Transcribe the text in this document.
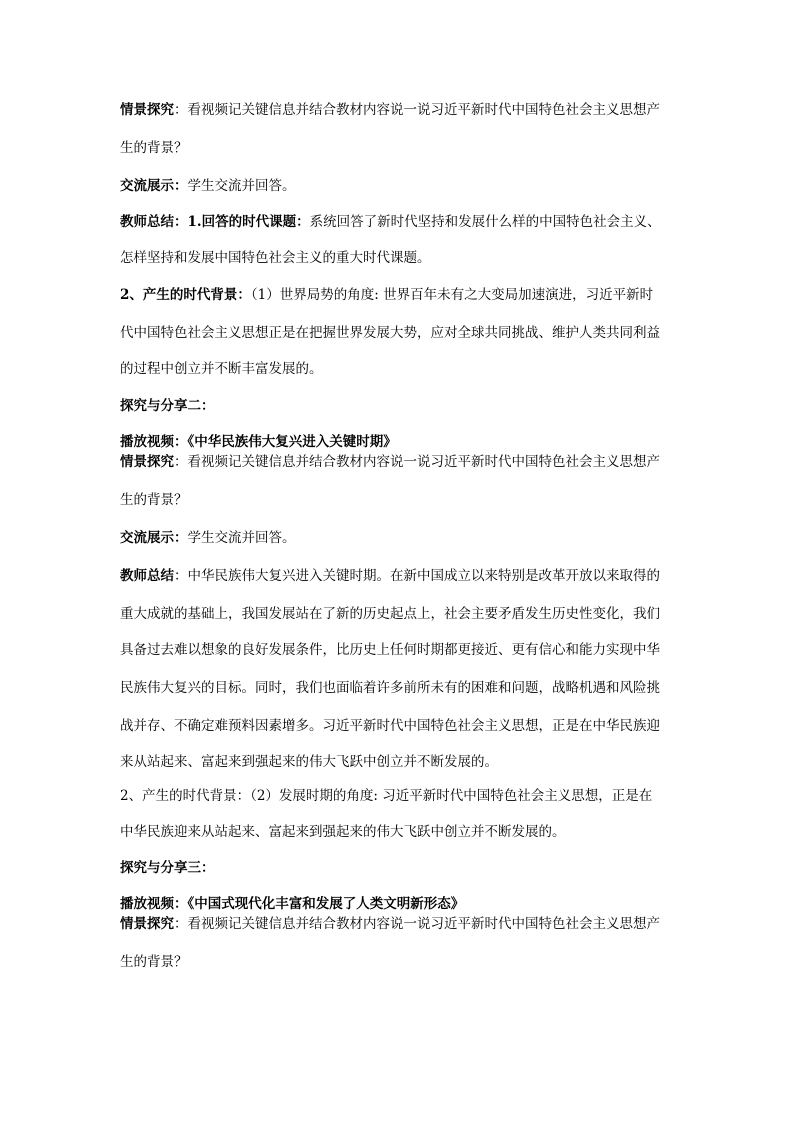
情景探究：看视频记关键信息并结合教材内容说一说习近平新时代中国特色社会主义思想产
生的背景？
交流展示：学生交流并回答。
教师总结：1.回答的时代课题：系统回答了新时代坚持和发展什么样的中国特色社会主义、
怎样坚持和发展中国特色社会主义的重大时代课题。
2、产生的时代背景：（1）世界局势的角度: 世界百年未有之大变局加速演进，习近平新时
代中国特色社会主义思想正是在把握世界发展大势，应对全球共同挑战、维护人类共同利益
的过程中创立并不断丰富发展的。
探究与分享二：
播放视频：《中华民族伟大复兴进入关键时期》
情景探究：看视频记关键信息并结合教材内容说一说习近平新时代中国特色社会主义思想产
生的背景？
交流展示：学生交流并回答。
教师总结：中华民族伟大复兴进入关键时期。在新中国成立以来特别是改革开放以来取得的
重大成就的基础上，我国发展站在了新的历史起点上，社会主要矛盾发生历史性变化，我们
具备过去难以想象的良好发展条件，比历史上任何时期都更接近、更有信心和能力实现中华
民族伟大复兴的目标。同时，我们也面临着许多前所未有的困难和问题，战略机遇和风险挑
战并存、不确定难预料因素增多。习近平新时代中国特色社会主义思想，正是在中华民族迎
来从站起来、富起来到强起来的伟大飞跃中创立并不断发展的。
2、产生的时代背景：（2）发展时期的角度: 习近平新时代中国特色社会主义思想，正是在
中华民族迎来从站起来、富起来到强起来的伟大飞跃中创立并不断发展的。
探究与分享三：
播放视频：《中国式现代化丰富和发展了人类文明新形态》
情景探究：看视频记关键信息并结合教材内容说一说习近平新时代中国特色社会主义思想产
生的背景？
